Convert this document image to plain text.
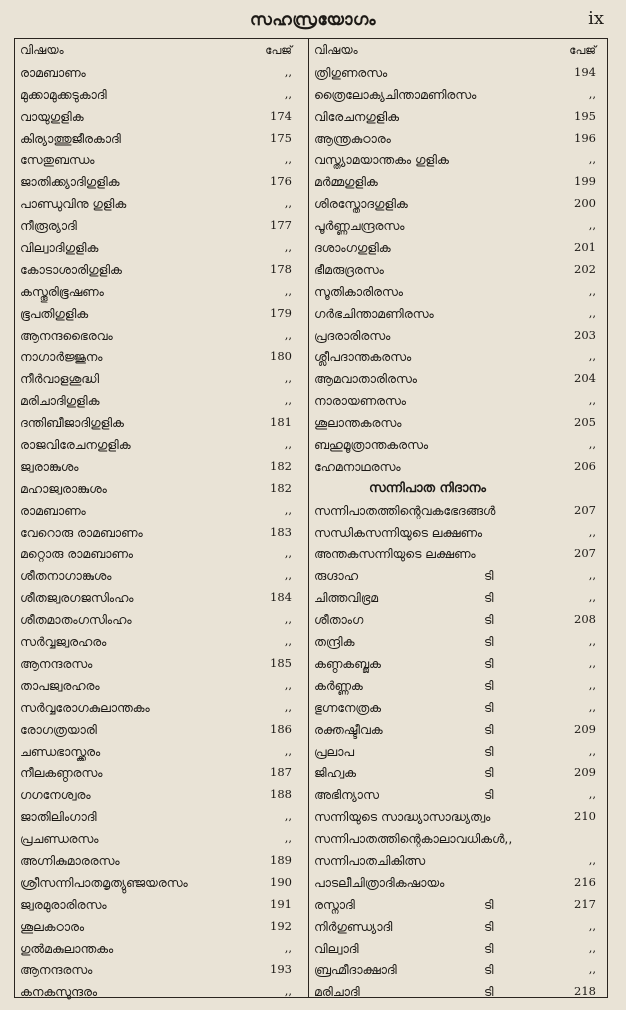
സഹസ്രയോഗം	ix
വിഷയം	പേജ്
രാമബാണം	,,
മുക്കാമുക്കടുകാദി	,,
വായുഗുളിക	174
കിര്യാത്തുജീരകാദി	175
സേതുബന്ധം	,,
ജാതിക്ക്യാദിഗുളിക	176
പാണ്ഡുവിനു ഗുളിക	,,
നീരൂര്യാദി	177
വില്വാദിഗുളിക	,,
കോടാശാരിഗുളിക	178
കസ്തൂരിഭൂഷണം	,,
ഭൂപതിഗുളിക	179
ആനന്ദഭൈരവം	,,
നാഗാർജ്ജുനം	180
നീർവാളശുദ്ധി	,,
മരിചാദിഗുളിക	,,
ദന്തിബീജാദിഗുളിക	181
രാജവിരേചനഗുളിക	,,
ജ്വരാങ്കുശം	182
മഹാജ്വരാങ്കുശം	182
രാമബാണം	,,
വേറൊരു രാമബാണം	183
മറ്റൊരു രാമബാണം	,,
ശീതനാഗാങ്കുശം	,,
ശീതജ്വരഗജസിംഹം	184
ശീതമാതംഗസിംഹം	,,
സർവ്വജ്വരഹരം	,,
ആനന്ദരസം	185
താപജ്വരഹരം	,,
സർവ്വരോഗകുലാന്തകം	,,
രോഗത്രയാരി	186
ചണ്ഡഭാസ്ക്കരം	,,
നീലകണ്ഠരസം	187
ഗഗനേശ്വരം	188
ജാതിലിംഗാദി	,,
പ്രചണ്ഡരസം	,,
അഗ്നികുമാരരസം	189
ശ്രീസന്നിപാതമൃത്യുഞ്ജയരസം	190
ജ്വരമുരാരിരസം	191
ശൂലകഠാരം	192
ഗുൽമകുലാന്തകം	,,
ആനന്ദരസം	193
കനകസുന്ദരം	,,
വിഷയം	പേജ്
ത്രിഗുണരസം	194
ത്രൈലോക്യചിന്താമണിരസം	,,
വിരേചനഗുളിക	195
ആന്ത്രകുഠാരം	196
വസ്ത്യാമയാന്തകം ഗുളിക	,,
മർമ്മഗുളിക	199
ശിരസ്തോദഗുളിക	200
പൂർണ്ണചന്ദ്രരസം	,,
ദശാംഗഗുളിക	201
ഭീമരുദ്രരസം	202
സൂതികാരിരസം	,,
ഗർഭചിന്താമണിരസം	,,
പ്രദരാരിരസം	203
ശ്ലീപദാന്തകരസം	,,
ആമവാതാരിരസം	204
നാരായണരസം	,,
ശൂലാന്തകരസം	205
ബഹുമൂത്രാന്തകരസം	,,
ഹേമനാഥരസം	206
സന്നിപാത നിദാനം
സന്നിപാതത്തിന്റെവകഭേദങ്ങൾ	207
സന്ധികസന്നിയുടെ ലക്ഷണം	,,
അന്തകസന്നിയുടെ ലക്ഷണം	207
രുഗ്ദാഹ	ടി	,,
ചിത്തവിഭ്രമ	ടി	,,
ശീതാംഗ	ടി	208
തന്ദ്രിക	ടി	,,
കണ്ഠകബ്ജക	ടി	,,
കർണ്ണക	ടി	,,
ഭുഗ്നനേത്രക	ടി	,,
രക്തഷ്ടീവക	ടി	209
പ്രലാപ	ടി	,,
ജിഹ്വക	ടി	209
അഭിന്യാസ	ടി	,,
സന്നിയുടെ സാദ്ധ്യാസാദ്ധ്യത്വം	210
സന്നിപാതത്തിന്റെകാലാവധികൾ,,
സന്നിപാതചികിത്സ	,,
പാടലീചിത്രാദികഷായം	216
രസ്നാദി	ടി	217
നിർഗുണ്ഡ്യാദി	ടി	,,
വില്വാദി	ടി	,,
ബ്രഹ്മീദാക്ഷാദി	ടി	,,
മരിചാദി	ടി	218
